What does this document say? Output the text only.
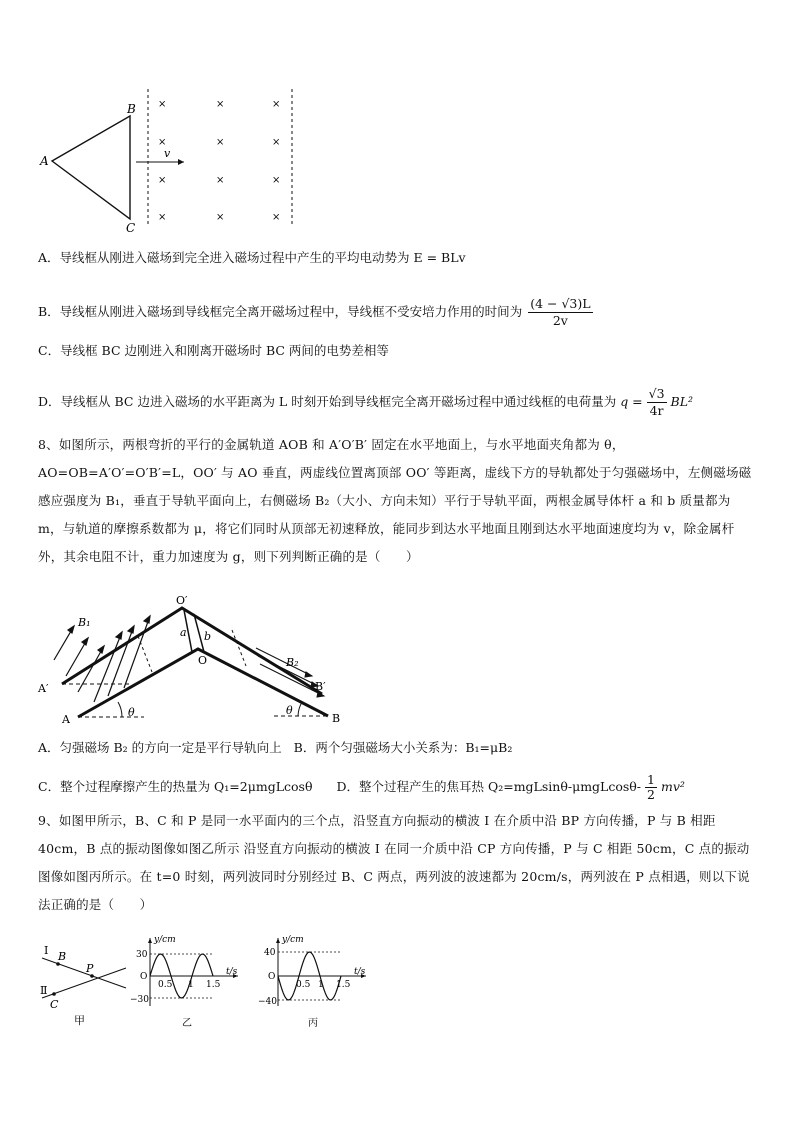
A
B
C
v
×	×	×
×	×	×
×	×	×
×	×	×
A．导线框从刚进入磁场到完全进入磁场过程中产生的平均电动势为 E = BLv
B．导线框从刚进入磁场到导线框完全离开磁场过程中，导线框不受安培力作用的时间为 $\frac{(4 - √3)L}{2v}$
C．导线框 BC 边刚进入和刚离开磁场时 BC 两间的电势差相等
D．导线框从 BC 边进入磁场的水平距离为 L 时刻开始到导线框完全离开磁场过程中通过线框的电荷量为 $q = \frac{√3}{4r} BL^2$
8、如图所示，两根弯折的平行的金属轨道 AOB 和 A′O′B′ 固定在水平地面上，与水平地面夹角都为 θ，AO=OB=A′O′=O′B′=L，OO′ 与 AO 垂直，两虚线位置离顶部 OO′ 等距离，虚线下方的导轨都处于匀强磁场中，左侧磁场磁感应强度为 B₁，垂直于导轨平面向上，右侧磁场 B₂（大小、方向未知）平行于导轨平面，两根金属导体杆 a 和 b 质量都为 m，与轨道的摩擦系数都为 μ，将它们同时从顶部无初速释放，能同步到达水平地面且刚到达水平地面速度均为 v，除金属杆外，其余电阻不计，重力加速度为 g，则下列判断正确的是（　　）
O′
O
a b
B₁
B₂
A′
A
B′
B
θ	θ
A．匀强磁场 B₂ 的方向一定是平行导轨向上 B．两个匀强磁场大小关系为：B₁=μB₂
C．整个过程摩擦产生的热量为 Q₁=2μmgLcosθ D．整个过程产生的焦耳热 $Q_2=mgLsin\theta-\mu mgLcos\theta- \frac{1}{2} mv^2$
9、如图甲所示，B、C 和 P 是同一水平面内的三个点，沿竖直方向振动的横波 Ⅰ 在介质中沿 BP 方向传播，P 与 B 相距 40cm，B 点的振动图像如图乙所示 沿竖直方向振动的横波 Ⅰ 在同一介质中沿 CP 方向传播，P 与 C 相距 50cm，C 点的振动图像如图丙所示。在 t=0 时刻，两列波同时分别经过 B、C 两点，两列波的波速都为 20cm/s，两列波在 P 点相遇，则以下说法正确的是（　　）
Ⅰ B
P
Ⅱ
C
甲
y/cm
30
O
−30
0.5 1 1.5
t/s
乙
y/cm
40
O
−40
0.5 1 1.5
t/s
丙
